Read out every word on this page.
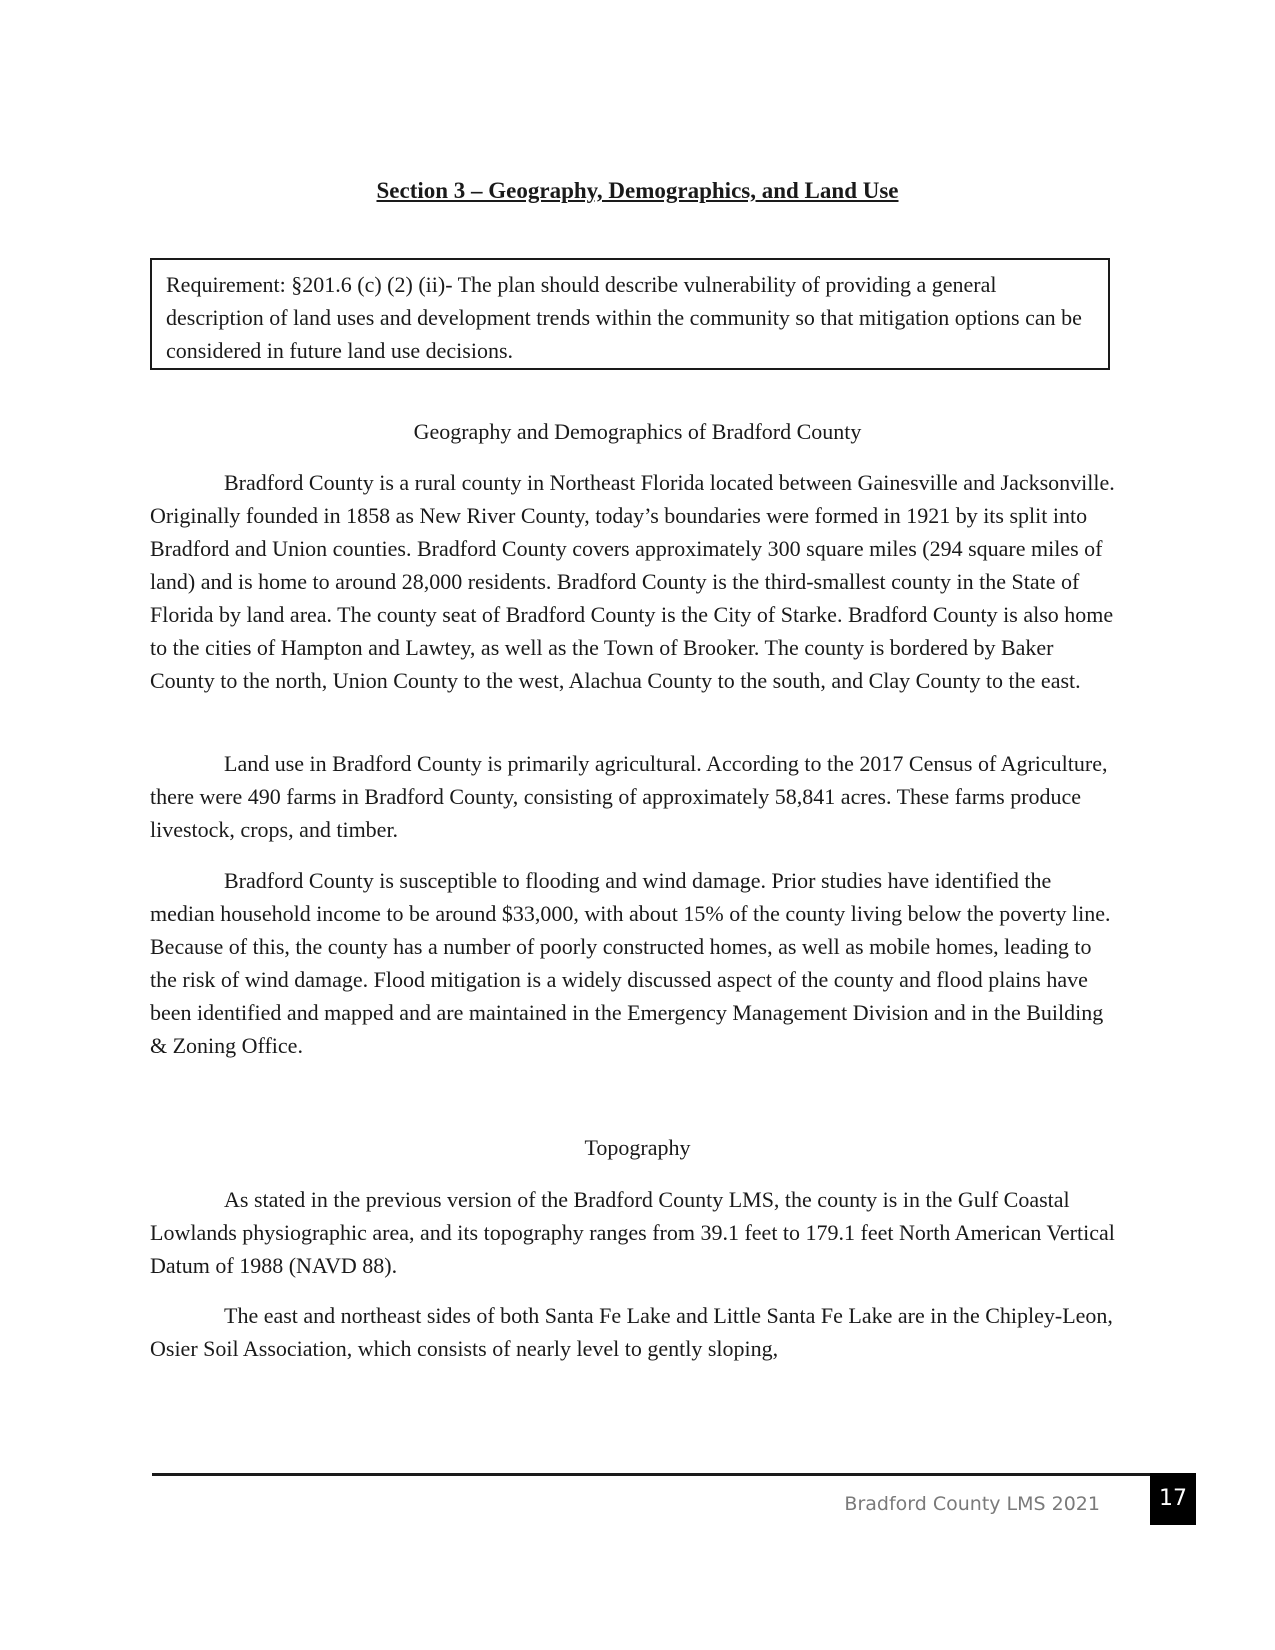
Section 3 – Geography, Demographics, and Land Use
Requirement: §201.6 (c) (2) (ii)- The plan should describe vulnerability of providing a general description of land uses and development trends within the community so that mitigation options can be considered in future land use decisions.
Geography and Demographics of Bradford County

Bradford County is a rural county in Northeast Florida located between Gainesville and Jacksonville. Originally founded in 1858 as New River County, today’s boundaries were formed in 1921 by its split into Bradford and Union counties. Bradford County covers approximately 300 square miles (294 square miles of land) and is home to around 28,000 residents. Bradford County is the third-smallest county in the State of Florida by land area. The county seat of Bradford County is the City of Starke. Bradford County is also home to the cities of Hampton and Lawtey, as well as the Town of Brooker. The county is bordered by Baker County to the north, Union County to the west, Alachua County to the south, and Clay County to the east.

Land use in Bradford County is primarily agricultural. According to the 2017 Census of Agriculture, there were 490 farms in Bradford County, consisting of approximately 58,841 acres. These farms produce livestock, crops, and timber.

Bradford County is susceptible to flooding and wind damage. Prior studies have identified the median household income to be around $33,000, with about 15% of the county living below the poverty line. Because of this, the county has a number of poorly constructed homes, as well as mobile homes, leading to the risk of wind damage. Flood mitigation is a widely discussed aspect of the county and flood plains have been identified and mapped and are maintained in the Emergency Management Division and in the Building & Zoning Office.

Topography

As stated in the previous version of the Bradford County LMS, the county is in the Gulf Coastal Lowlands physiographic area, and its topography ranges from 39.1 feet to 179.1 feet North American Vertical Datum of 1988 (NAVD 88).

The east and northeast sides of both Santa Fe Lake and Little Santa Fe Lake are in the Chipley-Leon, Osier Soil Association, which consists of nearly level to gently sloping,

Bradford County LMS 2021	17
